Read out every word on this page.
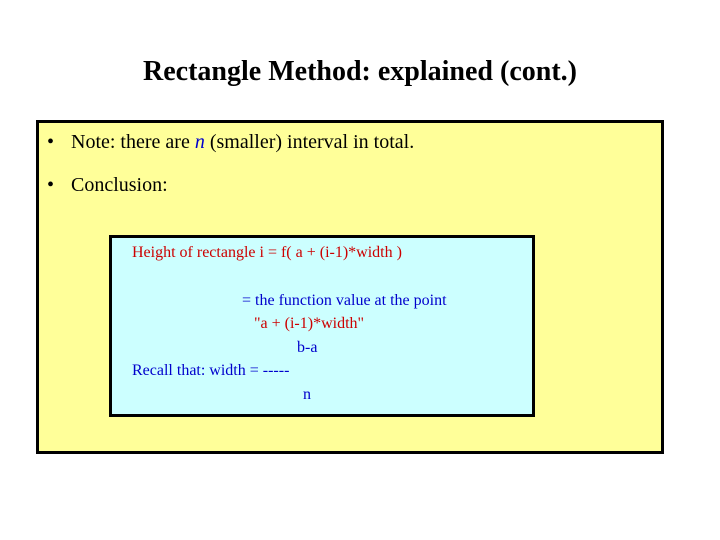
Rectangle Method: explained (cont.)
• Note: there are n (smaller) interval in total.
• Conclusion:
Height of rectangle i = f( a + (i-1)*width )
= the function value at the point
"a + (i-1)*width"
b-a
Recall that: width = -----
n
